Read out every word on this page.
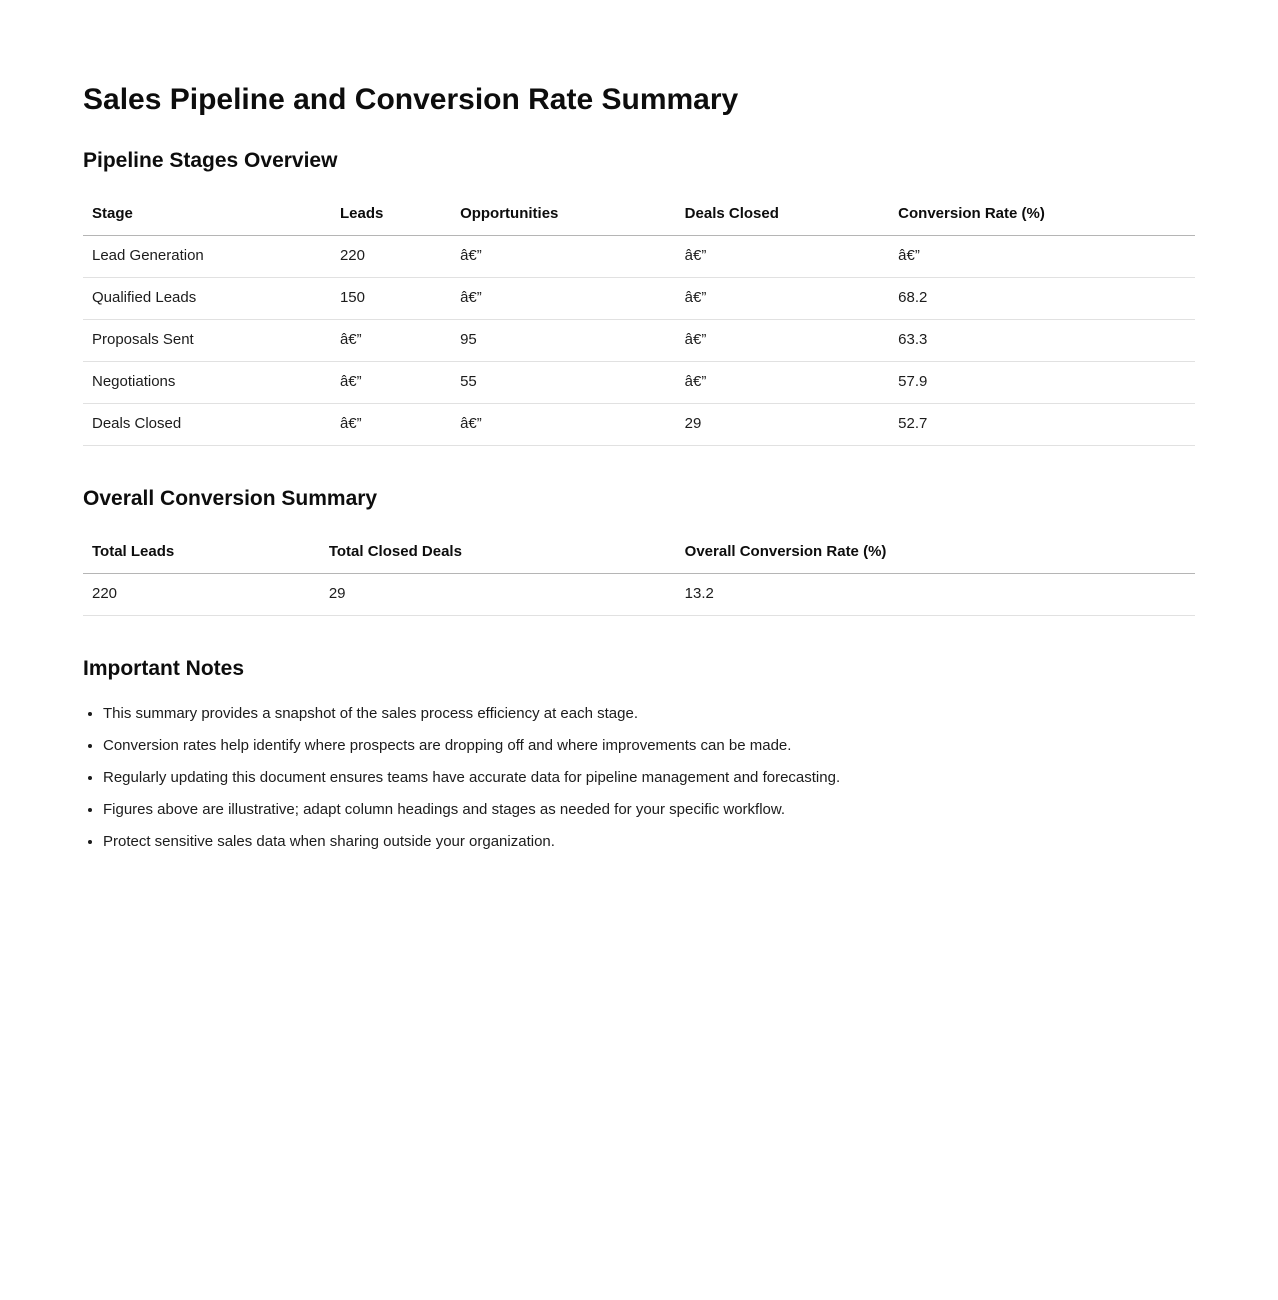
Sales Pipeline and Conversion Rate Summary
Pipeline Stages Overview
Stage	Leads	Opportunities	Deals Closed	Conversion Rate (%)
Lead Generation	220	â€”	â€”	â€”
Qualified Leads	150	â€”	â€”	68.2
Proposals Sent	â€”	95	â€”	63.3
Negotiations	â€”	55	â€”	57.9
Deals Closed	â€”	â€”	29	52.7
Overall Conversion Summary
Total Leads	Total Closed Deals	Overall Conversion Rate (%)
220	29	13.2
Important Notes
• This summary provides a snapshot of the sales process efficiency at each stage.
• Conversion rates help identify where prospects are dropping off and where improvements can be made.
• Regularly updating this document ensures teams have accurate data for pipeline management and forecasting.
• Figures above are illustrative; adapt column headings and stages as needed for your specific workflow.
• Protect sensitive sales data when sharing outside your organization.
